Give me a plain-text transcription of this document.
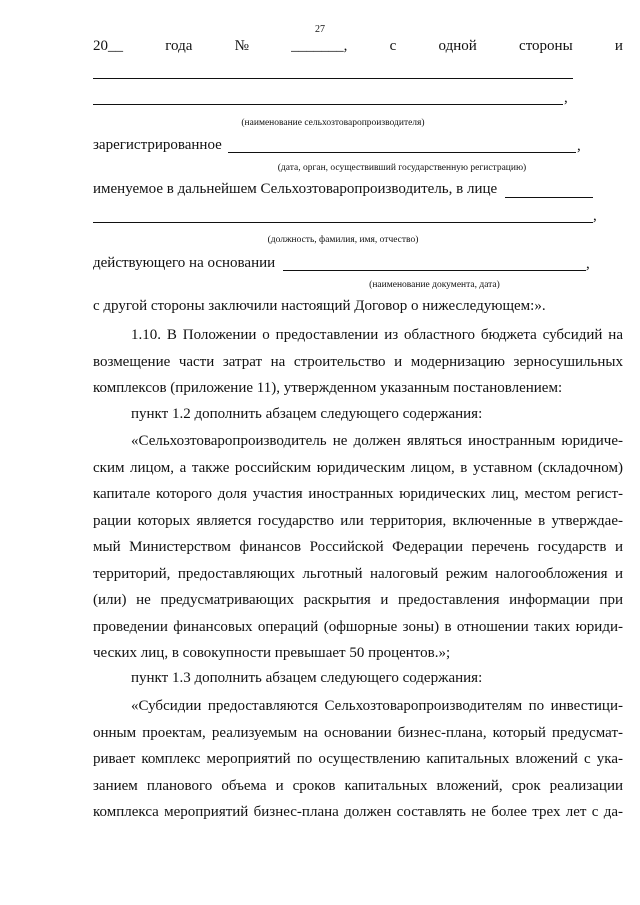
27
20__	года	№	_______,	с	одной	стороны	и
,
(наименование сельхозтоваропроизводителя)
зарегистрированное	,
(дата, орган, осуществивший государственную регистрацию)
именуемое в дальнейшем Сельхозтоваропроизводитель, в лице
,
(должность, фамилия, имя, отчество)
действующего на основании	,
(наименование документа, дата)
с другой стороны заключили настоящий Договор о нижеследующем:».
1.10. В Положении о предоставлении из областного бюджета субсидий на
возмещение части затрат на строительство и модернизацию зерносушильных
комплексов (приложение 11), утвержденном указанным постановлением:
пункт 1.2 дополнить абзацем следующего содержания:
«Сельхозтоваропроизводитель не должен являться иностранным юридиче-
ским лицом, а также российским юридическим лицом, в уставном (складочном)
капитале которого доля участия иностранных юридических лиц, местом регист-
рации которых является государство или территория, включенные в утверждае-
мый Министерством финансов Российской Федерации перечень государств и
территорий, предоставляющих льготный налоговый режим налогообложения и
(или) не предусматривающих раскрытия и предоставления информации при
проведении финансовых операций (офшорные зоны) в отношении таких юриди-
ческих лиц, в совокупности превышает 50 процентов.»;
пункт 1.3 дополнить абзацем следующего содержания:
«Субсидии предоставляются Сельхозтоваропроизводителям по инвестици-
онным проектам, реализуемым на основании бизнес-плана, который предусмат-
ривает комплекс мероприятий по осуществлению капитальных вложений с ука-
занием планового объема и сроков капитальных вложений, срок реализации
комплекса мероприятий бизнес-плана должен составлять не более трех лет с да-
